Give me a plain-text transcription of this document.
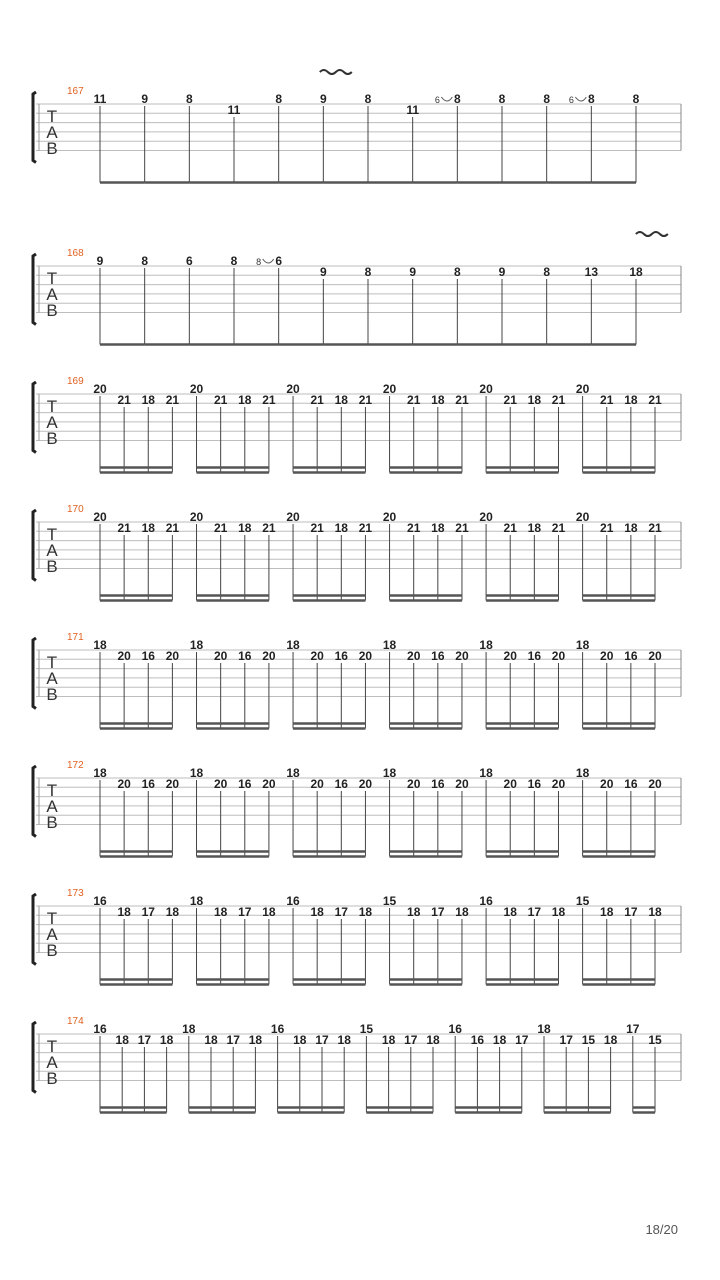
T
A
B
167
11	9	8
11
8	9	8
11
8
6	8	8	8
6	8
T
A
B
168
9	8	6	8	6
8
9	8	9	8	9	8	13	18
T
A
B
169
20
21 18 21
20
21 18 21
20
21 18 21
20
21 18 21
20
21 18 21
20
21 18 21
T
A
B
170
20
21 18 21
20
21 18 21
20
21 18 21
20
21 18 21
20
21 18 21
20
21 18 21
T
A
B
171
18
20 16 20
18
20 16 20
18
20 16 20
18
20 16 20
18
20 16 20
18
20 16 20
T
A
B
172
18
20 16 20
18
20 16 20
18
20 16 20
18
20 16 20
18
20 16 20
18
20 16 20
T
A
B
173
16
18 17 18
18
18 17 18
16
18 17 18
15
18 17 18
16
18 17 18
15
18 17 18
T
A
B
174
16
18 17 18
18
18 17 18
16
18 17 18
15
18 17 18
16
16 18 17
18
17 15 18
17
15
18/20
